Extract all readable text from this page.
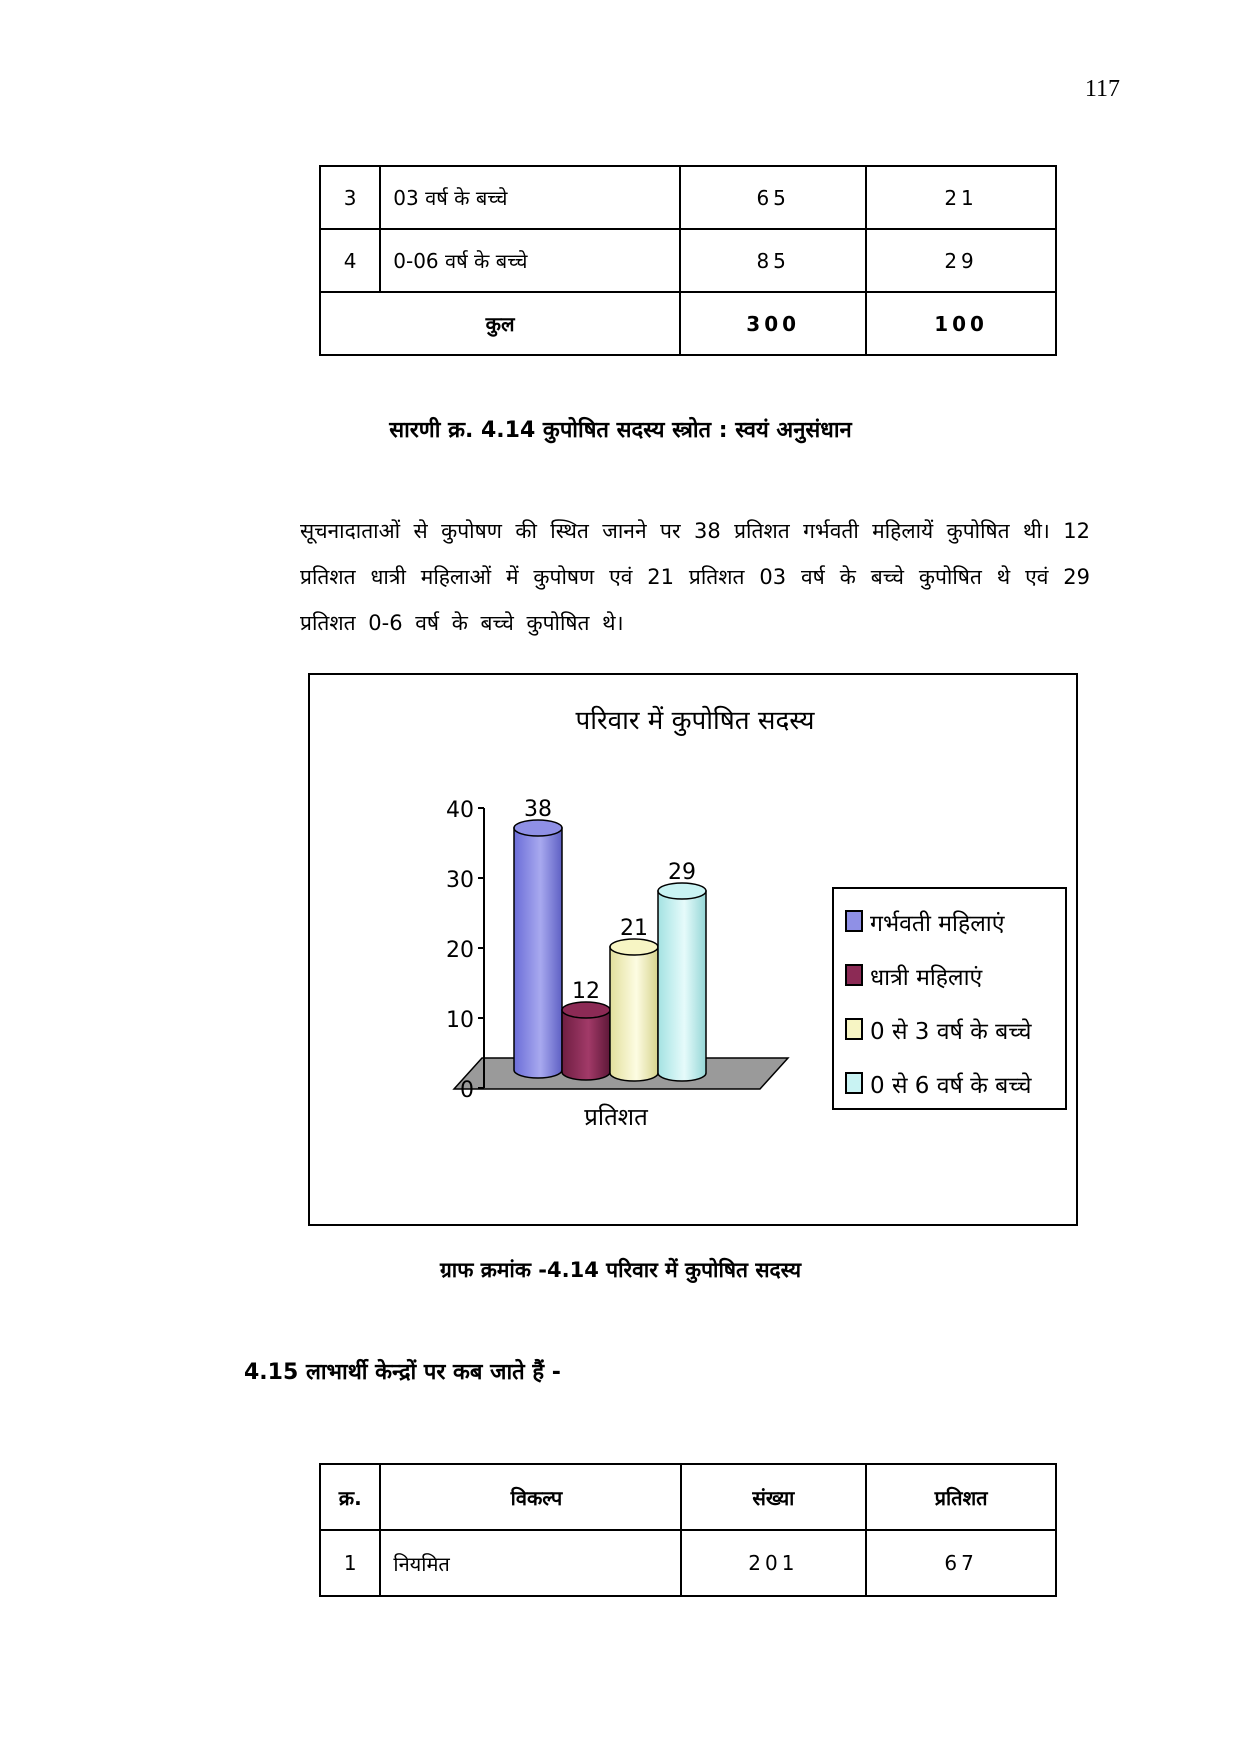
117
3	03 वर्ष के बच्चे	65	21
4	0-06 वर्ष के बच्चे	85	29
कुल		300	100
सारणी क्र. 4.14 कुपोषित सदस्य स्त्रोत : स्वयं अनुसंधान
सूचनादाताओं से कुपोषण की स्थित जानने पर 38 प्रतिशत गर्भवती महिलायें कुपोषित थी। 12 प्रतिशत धात्री महिलाओं में कुपोषण एवं 21 प्रतिशत 03 वर्ष के बच्चे कुपोषित थे एवं 29 प्रतिशत 0-6 वर्ष के बच्चे कुपोषित थे।
परिवार में कुपोषित सदस्य
0
10
20
30
40 38
12
21
29
प्रतिशत
गर्भवती महिलाएं
धात्री महिलाएं
0 से 3 वर्ष के बच्चे
0 से 6 वर्ष के बच्चे
ग्राफ क्रमांक -4.14 परिवार में कुपोषित सदस्य
4.15 लाभार्थी केन्द्रों पर कब जाते हैं -
क्र.	विकल्प	संख्या	प्रतिशत
1	नियमित	201	67
